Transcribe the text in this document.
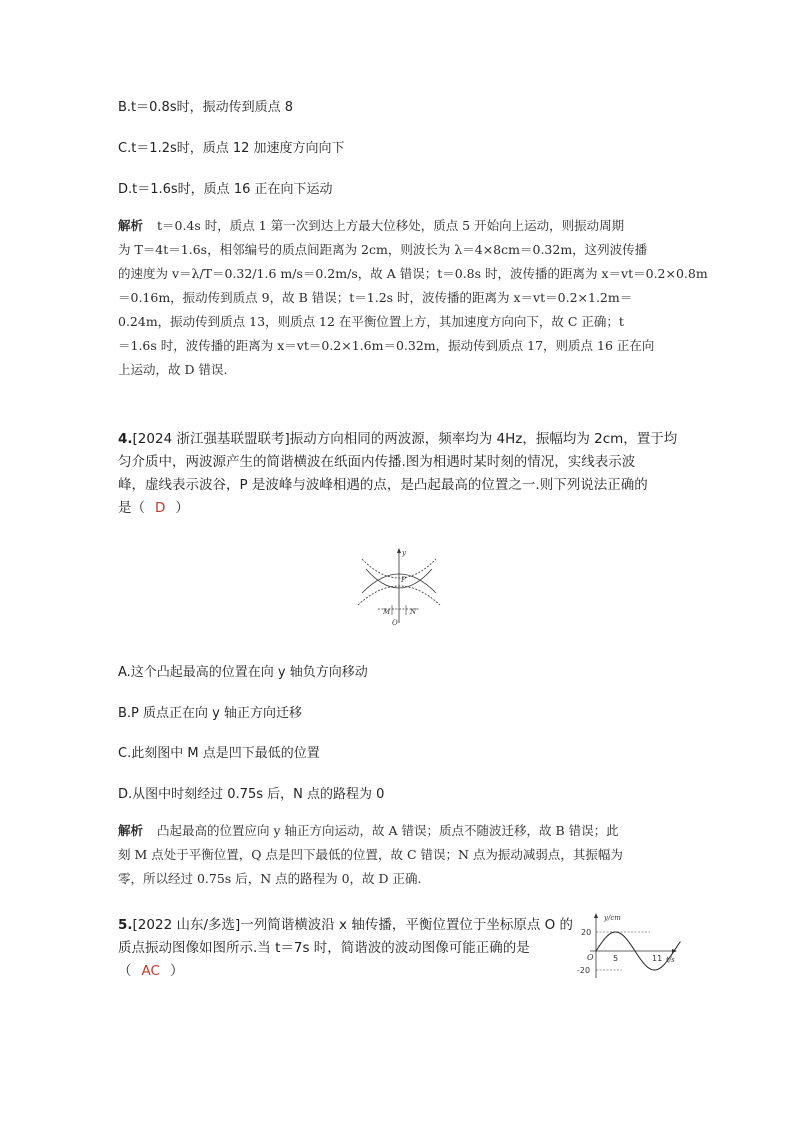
B.t＝0.8s时，振动传到质点 8
C.t＝1.2s时，质点 12 加速度方向向下
D.t＝1.6s时，质点 16 正在向下运动
解析 t＝0.4s 时，质点 1 第一次到达上方最大位移处，质点 5 开始向上运动，则振动周期
为 T＝4t＝1.6s，相邻编号的质点间距离为 2cm，则波长为 λ＝4×8cm＝0.32m，这列波传播
的速度为 v＝λ/T＝0.32/1.6 m/s＝0.2m/s，故 A 错误；t＝0.8s 时，波传播的距离为 x＝vt＝0.2×0.8m
＝0.16m，振动传到质点 9，故 B 错误；t＝1.2s 时，波传播的距离为 x＝vt＝0.2×1.2m＝
0.24m，振动传到质点 13，则质点 12 在平衡位置上方，其加速度方向向下，故 C 正确；t
＝1.6s 时，波传播的距离为 x＝vt＝0.2×1.6m＝0.32m，振动传到质点 17，则质点 16 正在向
上运动，故 D 错误.
4.[2024 浙江强基联盟联考]振动方向相同的两波源，频率均为 4Hz，振幅均为 2cm，置于均
匀介质中，两波源产生的简谐横波在纸面内传播.图为相遇时某时刻的情况，实线表示波
峰，虚线表示波谷，P 是波峰与波峰相遇的点，是凸起最高的位置之一.则下列说法正确的
是（ D ）
y
P
M	N
O
A.这个凸起最高的位置在向 y 轴负方向移动
B.P 质点正在向 y 轴正方向迁移
C.此刻图中 M 点是凹下最低的位置
D.从图中时刻经过 0.75s 后，N 点的路程为 0
解析 凸起最高的位置应向 y 轴正方向运动，故 A 错误；质点不随波迁移，故 B 错误；此
刻 M 点处于平衡位置，Q 点是凹下最低的位置，故 C 错误；N 点为振动减弱点，其振幅为
零，所以经过 0.75s 后，N 点的路程为 0，故 D 正确.
5.[2022 山东/多选]一列简谐横波沿 x 轴传播，平衡位置位于坐标原点 O 的
质点振动图像如图所示.当 t＝7s 时，简谐波的波动图像可能正确的是
（ AC ）
y/cm
t/s
20
-20
O 5	11
